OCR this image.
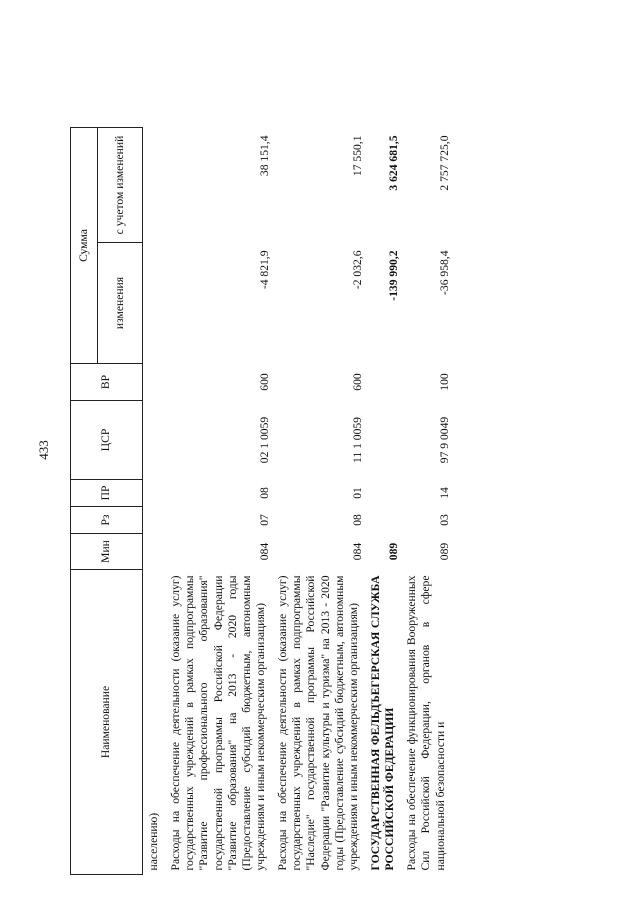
433
Наименование	Мин	Рз	ПР	ЦСР	ВР	Сумма	
						изменения	с учетом изменений
населению)							
Расходы на обеспечение деятельности (оказание услуг) государственных учреждений в рамках подпрограммы "Развитие профессионального образования" государственной программы Российской Федерации "Развитие образования" на 2013 - 2020 годы (Предоставление субсидий бюджетным, автономным учреждениям и иным некоммерческим организациям)	084	07	08	02 1 0059	600	-4 821,9	38 151,4
Расходы на обеспечение деятельности (оказание услуг) государственных учреждений в рамках подпрограммы "Наследие" государственной программы Российской Федерации "Развитие культуры и туризма" на 2013 - 2020 годы (Предоставление субсидий бюджетным, автономным учреждениям и иным некоммерческим организациям)	084	08	01	11 1 0059	600	-2 032,6	17 550,1
ГОСУДАРСТВЕННАЯ ФЕЛЬДЪЕГЕРСКАЯ СЛУЖБА РОССИЙСКОЙ ФЕДЕРАЦИИ	089					-139 990,2	3 624 681,5
Расходы на обеспечение функционирования Вооруженных Сил Российской Федерации, органов в сфере национальной безопасности и	089	03	14	97 9 0049	100	-36 958,4	2 757 725,0
